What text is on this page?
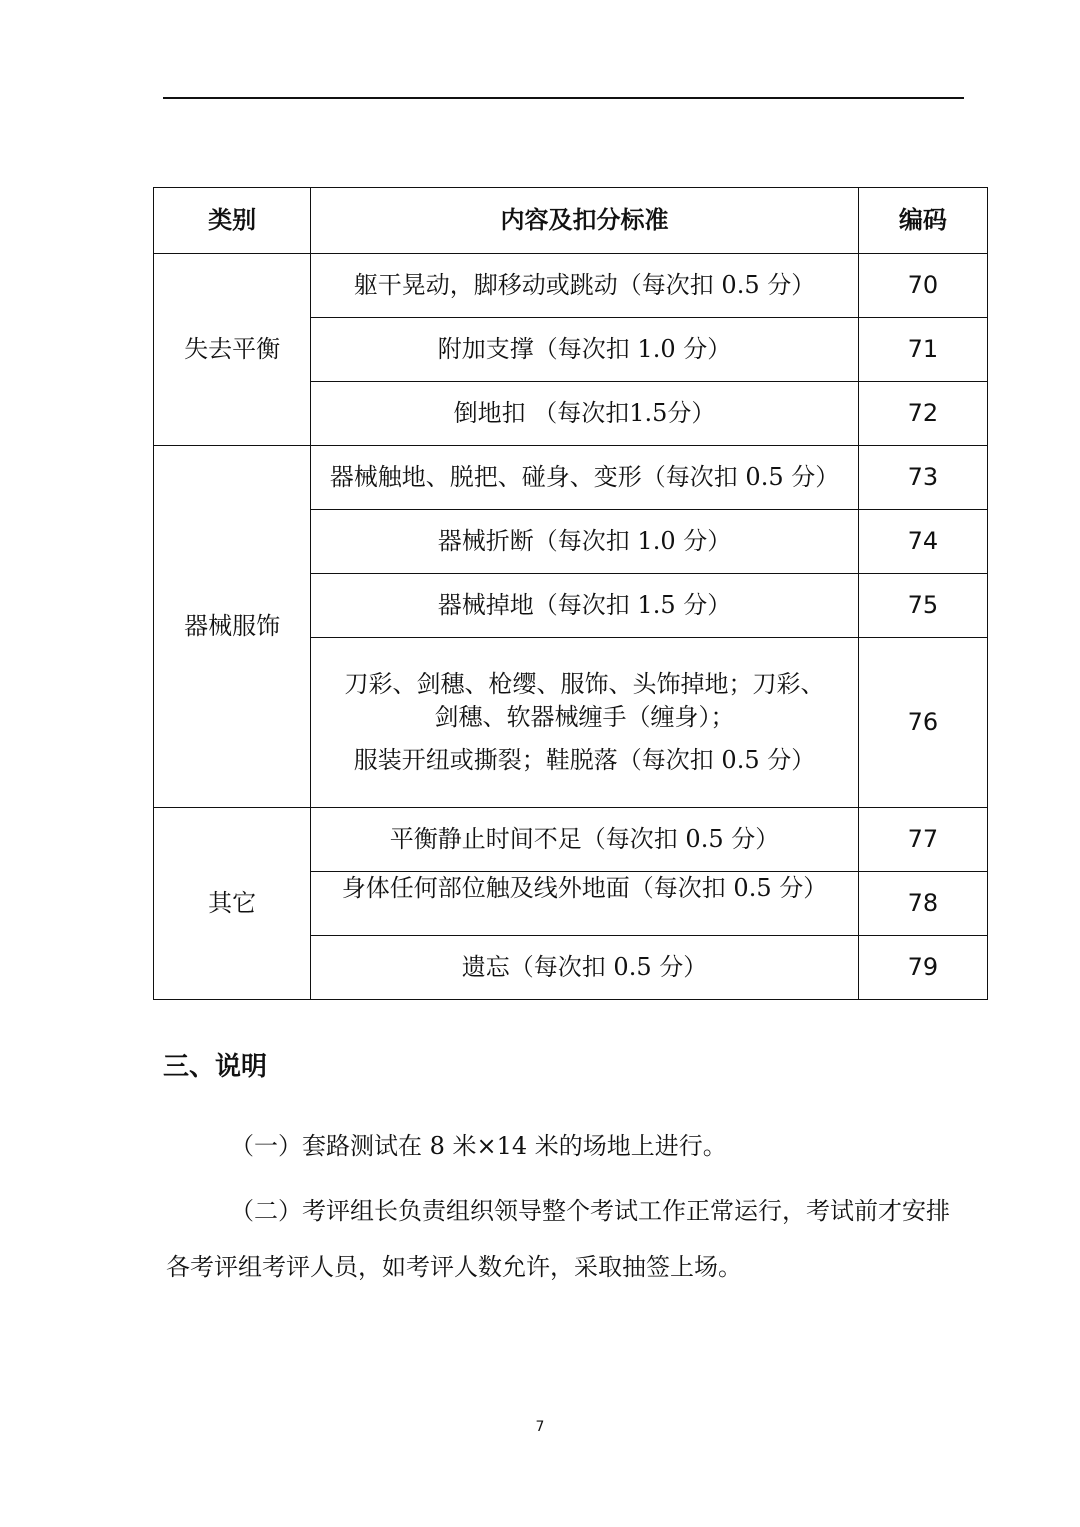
类别	内容及扣分标准	编码
失去平衡	躯干晃动，脚移动或跳动（每次扣 0.5 分）	70
	附加支撑（每次扣 1.0 分）	71
	倒地扣 （每次扣1.5分）	72
器械服饰	器械触地、脱把、碰身、变形（每次扣 0.5 分）	73
	器械折断（每次扣 1.0 分）	74
	器械掉地（每次扣 1.5 分）	75

	刀彩、剑穗、枪缨、服饰、头饰掉地；刀彩、
剑穗、软器械缠手（缠身）；
服装开纽或撕裂；鞋脱落（每次扣 0.5 分）	76
其它	平衡静止时间不足（每次扣 0.5 分）	77
	身体任何部位触及线外地面（每次扣 0.5 分）	78
	遗忘（每次扣 0.5 分）	79
三、说明

（一）套路测试在 8 米×14 米的场地上进行。

（二）考评组长负责组织领导整个考试工作正常运行，考试前才安排各考评组考评人员，如考评人数允许，采取抽签上场。

7
